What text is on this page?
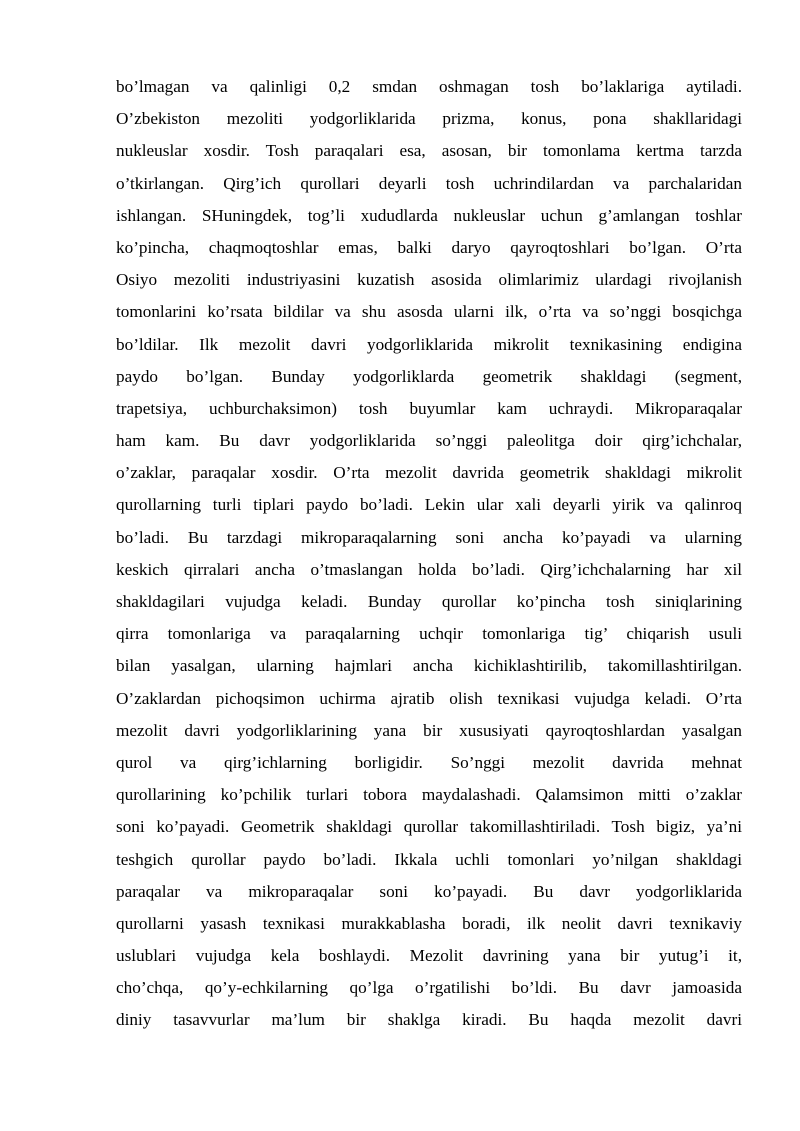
bo’lmagan va qalinligi 0,2 smdan oshmagan tosh bo’laklariga aytiladi.
O’zbekiston mezoliti yodgorliklarida prizma, konus, pona shakllaridagi
nukleuslar xosdir. Tosh paraqalari esa, asosan, bir tomonlama kertma tarzda
o’tkirlangan. Qirg’ich qurollari deyarli tosh uchrindilardan va parchalaridan
ishlangan. SHuningdek, tog’li xududlarda nukleuslar uchun g’amlangan toshlar
ko’pincha, chaqmoqtoshlar emas, balki daryo qayroqtoshlari bo’lgan. O’rta
Osiyo mezoliti industriyasini kuzatish asosida olimlarimiz ulardagi rivojlanish
tomonlarini ko’rsata bildilar va shu asosda ularni ilk, o’rta va so’nggi bosqichga
bo’ldilar. Ilk mezolit davri yodgorliklarida mikrolit texnikasining endigina
paydo bo’lgan. Bunday yodgorliklarda geometrik shakldagi (segment,
trapetsiya, uchburchaksimon) tosh buyumlar kam uchraydi. Mikroparaqalar
ham kam. Bu davr yodgorliklarida so’nggi paleolitga doir qirg’ichchalar,
o’zaklar, paraqalar xosdir. O’rta mezolit davrida geometrik shakldagi mikrolit
qurollarning turli tiplari paydo bo’ladi. Lekin ular xali deyarli yirik va qalinroq
bo’ladi. Bu tarzdagi mikroparaqalarning soni ancha ko’payadi va ularning
keskich qirralari ancha o’tmaslangan holda bo’ladi. Qirg’ichchalarning har xil
shakldagilari vujudga keladi. Bunday qurollar ko’pincha tosh siniqlarining
qirra tomonlariga va paraqalarning uchqir tomonlariga tig’ chiqarish usuli
bilan yasalgan, ularning hajmlari ancha kichiklashtirilib, takomillashtirilgan.
O’zaklardan pichoqsimon uchirma ajratib olish texnikasi vujudga keladi. O’rta
mezolit davri yodgorliklarining yana bir xususiyati qayroqtoshlardan yasalgan
qurol va qirg’ichlarning borligidir. So’nggi mezolit davrida mehnat
qurollarining ko’pchilik turlari tobora maydalashadi. Qalamsimon mitti o’zaklar
soni ko’payadi. Geometrik shakldagi qurollar takomillashtiriladi. Tosh bigiz, ya’ni
teshgich qurollar paydo bo’ladi. Ikkala uchli tomonlari yo’nilgan shakldagi
paraqalar va mikroparaqalar soni ko’payadi. Bu davr yodgorliklarida
qurollarni yasash texnikasi murakkablasha boradi, ilk neolit davri texnikaviy
uslublari vujudga kela boshlaydi. Mezolit davrining yana bir yutug’i it,
cho’chqa, qo’y-echkilarning qo’lga o’rgatilishi bo’ldi. Bu davr jamoasida
diniy tasavvurlar ma’lum bir shaklga kiradi. Bu haqda mezolit davri
